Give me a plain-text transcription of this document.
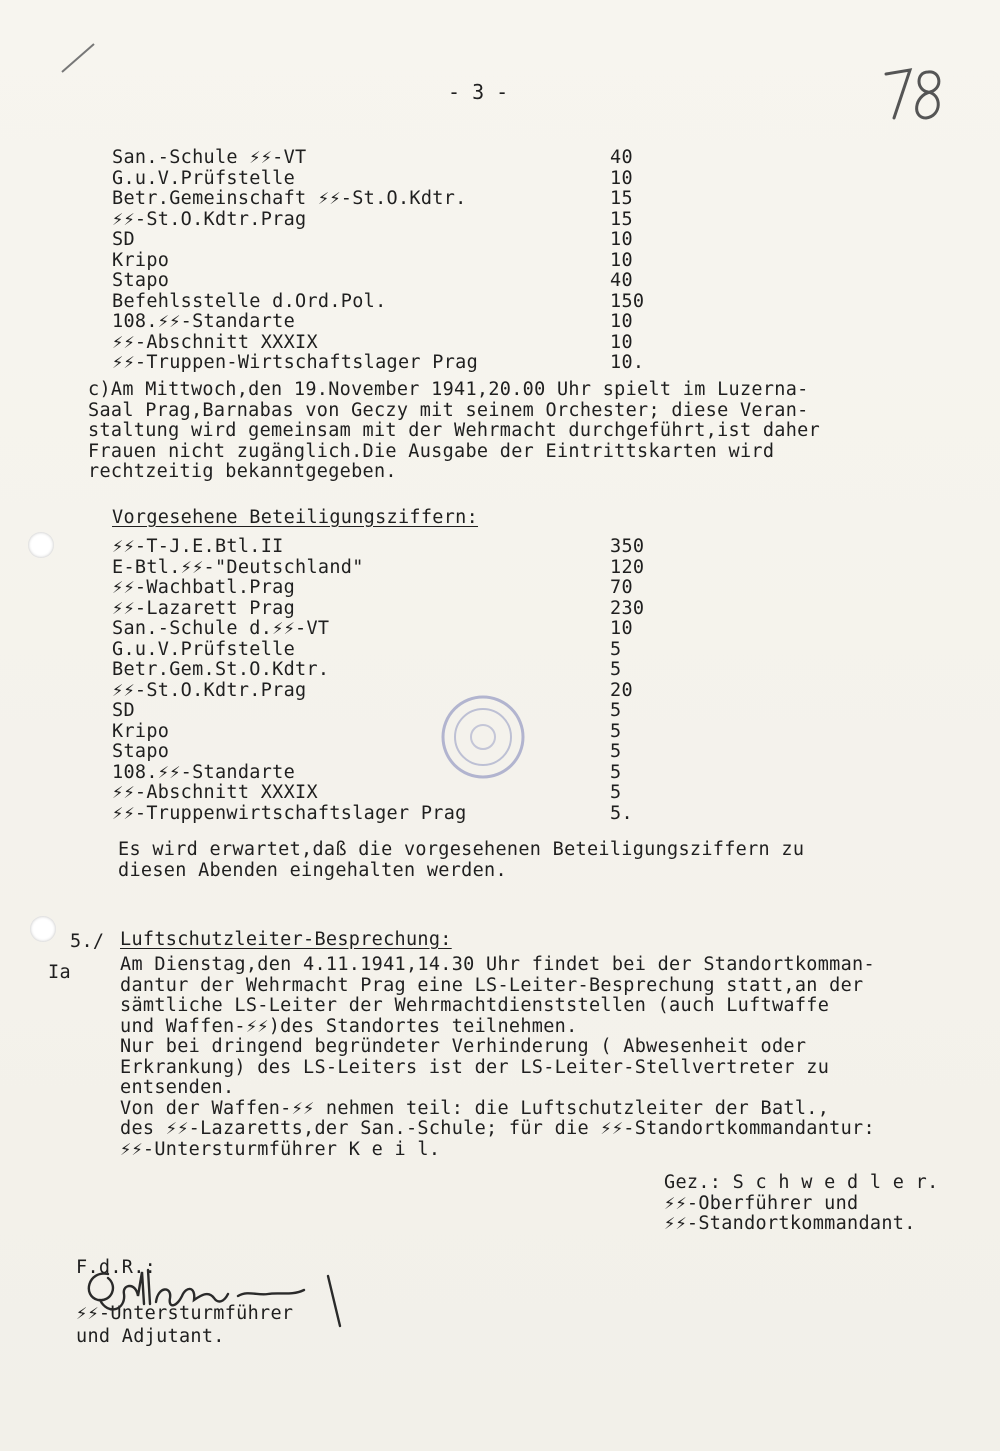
- 3 -
San.-Schule ⚡⚡-VT	40
G.u.V.Prüfstelle	10
Betr.Gemeinschaft ⚡⚡-St.O.Kdtr.	15
⚡⚡-St.O.Kdtr.Prag	15
SD	10
Kripo	10
Stapo	40
Befehlsstelle d.Ord.Pol.	150
108.⚡⚡-Standarte	10
⚡⚡-Abschnitt XXXIX	10
⚡⚡-Truppen-Wirtschaftslager Prag	10.
c)Am Mittwoch,den 19.November 1941,20.00 Uhr spielt im Luzerna-
Saal Prag,Barnabas von Geczy mit seinem Orchester; diese Veran-
staltung wird gemeinsam mit der Wehrmacht durchgeführt,ist daher
Frauen nicht zugänglich.Die Ausgabe der Eintrittskarten wird
rechtzeitig bekanntgegeben.
Vorgesehene Beteiligungsziffern:
⚡⚡-T-J.E.Btl.II	350
E-Btl.⚡⚡-"Deutschland"	120
⚡⚡-Wachbatl.Prag	70
⚡⚡-Lazarett Prag	230
San.-Schule d.⚡⚡-VT	10
G.u.V.Prüfstelle	5
Betr.Gem.St.O.Kdtr.	5
⚡⚡-St.O.Kdtr.Prag	20
SD	5
Kripo	5
Stapo	5
108.⚡⚡-Standarte	5
⚡⚡-Abschnitt XXXIX	5
⚡⚡-Truppenwirtschaftslager Prag	5.
Es wird erwartet,daß die vorgesehenen Beteiligungsziffern zu
diesen Abenden eingehalten werden.
5./ Luftschutzleiter-Besprechung:
Ia	Am Dienstag,den 4.11.1941,14.30 Uhr findet bei der Standortkomman-
dantur der Wehrmacht Prag eine LS-Leiter-Besprechung statt,an der
sämtliche LS-Leiter der Wehrmachtdienststellen (auch Luftwaffe
und Waffen-⚡⚡)des Standortes teilnehmen.
Nur bei dringend begründeter Verhinderung ( Abwesenheit oder
Erkrankung) des LS-Leiters ist der LS-Leiter-Stellvertreter zu
entsenden.
Von der Waffen-⚡⚡ nehmen teil: die Luftschutzleiter der Batl.,
des ⚡⚡-Lazaretts,der San.-Schule; für die ⚡⚡-Standortkommandantur:
⚡⚡-Untersturmführer K e i l.
Gez.: S c h w e d l e r.
⚡⚡-Oberführer und
⚡⚡-Standortkommandant.
F.d.R.:
⚡⚡-Untersturmführer
und Adjutant.
